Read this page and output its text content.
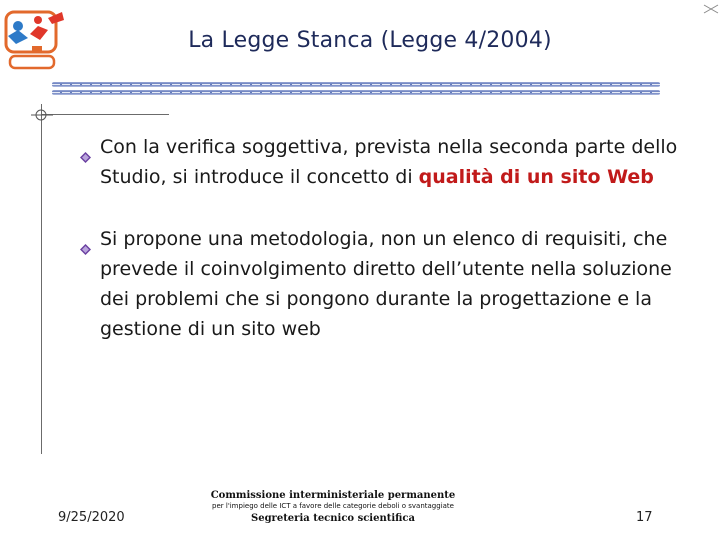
La Legge Stanca (Legge 4/2004)
Con la verifica soggettiva, prevista nella seconda parte dello Studio, si introduce il concetto di qualità di un sito Web
Si propone una metodologia, non un elenco di requisiti, che prevede il coinvolgimento diretto dell’utente nella soluzione dei problemi che si pongono durante la progettazione e la gestione di un sito web
9/25/2020
Commissione interministeriale permanente
per l'impiego delle ICT a favore delle categorie deboli o svantaggiate
Segreteria tecnico scientifica	17
